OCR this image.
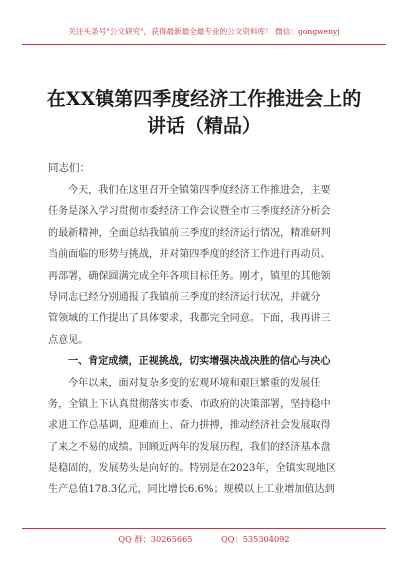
关注头条号"公文研究"，获得最新最全最专业的公文资料库！ 微信：gongwenyj
在XX镇第四季度经济工作推进会上的
讲话（精品）
同志们：
今天，我们在这里召开全镇第四季度经济工作推进会，主要
任务是深入学习贯彻市委经济工作会议暨全市三季度经济分析会
的最新精神，全面总结我镇前三季度的经济运行情况，精准研判
当前面临的形势与挑战，并对第四季度的经济工作进行再动员、
再部署，确保圆满完成全年各项目标任务。刚才，镇里的其他领
导同志已经分别通报了我镇前三季度的经济运行状况，并就分
管领域的工作提出了具体要求，我都完全同意。下面，我再讲三
点意见。
一、肯定成绩，正视挑战，切实增强决战决胜的信心与决心
今年以来，面对复杂多变的宏观环境和艰巨繁重的发展任
务，全镇上下认真贯彻落实市委、市政府的决策部署，坚持稳中
求进工作总基调，迎难而上、奋力拼搏，推动经济社会发展取得
了来之不易的成绩。回顾近两年的发展历程，我们的经济基本盘
是稳固的，发展势头是向好的。特别是在2023年，全镇实现地区
生产总值178.3亿元，同比增长6.6%；规模以上工业增加值达到
QQ 群：30265665	QQ：535304092
